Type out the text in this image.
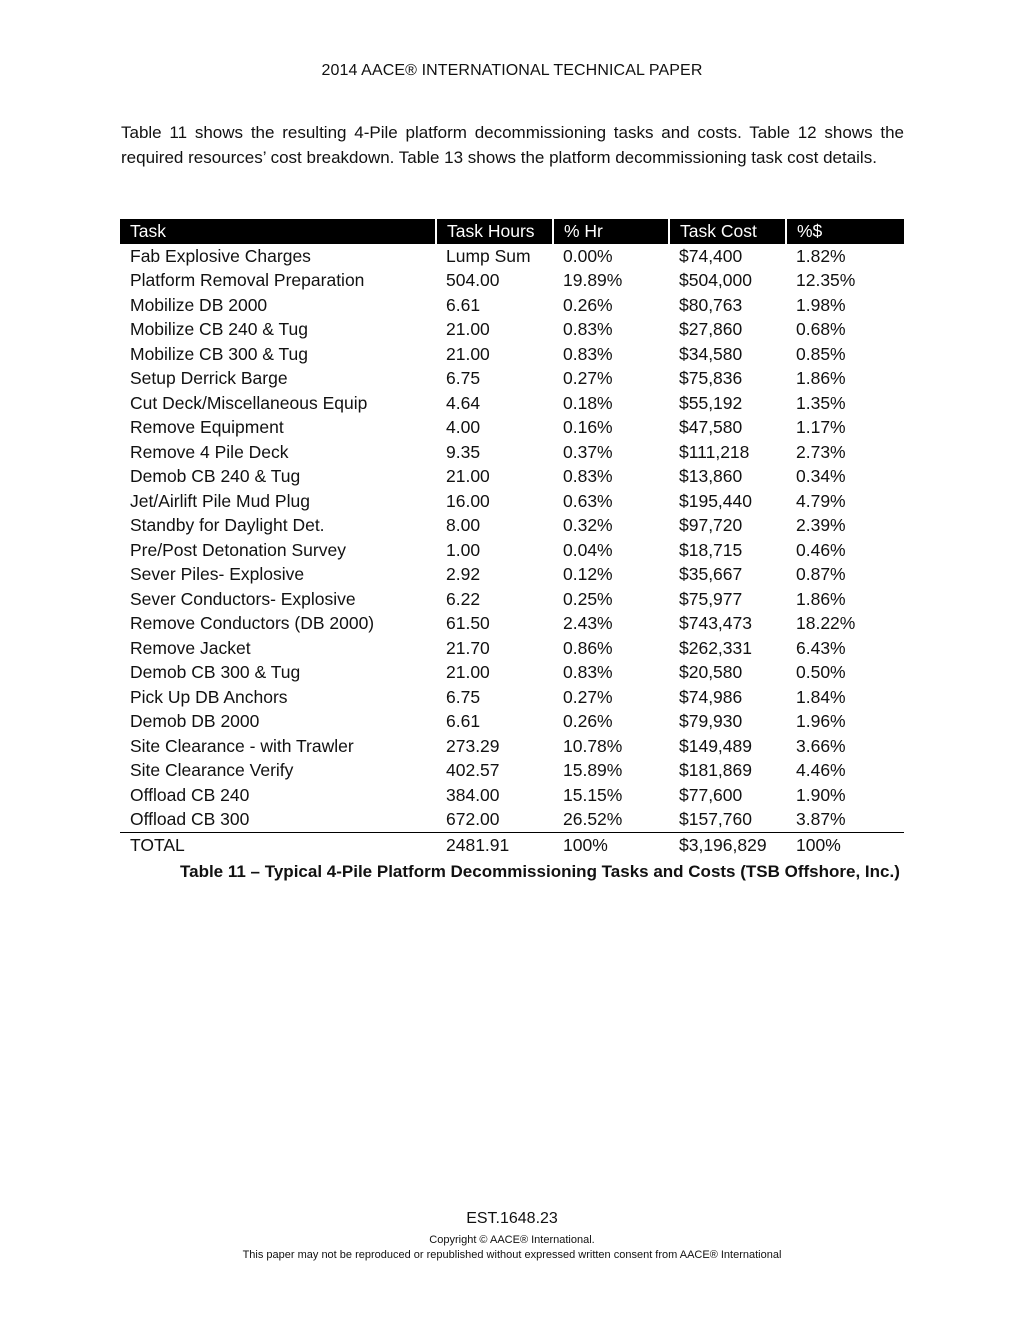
2014 AACE® INTERNATIONAL TECHNICAL PAPER

Table 11 shows the resulting 4-Pile platform decommissioning tasks and costs. Table 12 shows the required resources’ cost breakdown. Table 13 shows the platform decommissioning task cost details.

Task	Task Hours	% Hr	Task Cost	%$
Fab Explosive Charges	Lump Sum	0.00%	$74,400	1.82%
Platform Removal Preparation	504.00	19.89%	$504,000	12.35%
Mobilize DB 2000	6.61	0.26%	$80,763	1.98%
Mobilize CB 240 & Tug	21.00	0.83%	$27,860	0.68%
Mobilize CB 300 & Tug	21.00	0.83%	$34,580	0.85%
Setup Derrick Barge	6.75	0.27%	$75,836	1.86%
Cut Deck/Miscellaneous Equip	4.64	0.18%	$55,192	1.35%
Remove Equipment	4.00	0.16%	$47,580	1.17%
Remove 4 Pile Deck	9.35	0.37%	$111,218	2.73%
Demob CB 240 & Tug	21.00	0.83%	$13,860	0.34%
Jet/Airlift Pile Mud Plug	16.00	0.63%	$195,440	4.79%
Standby for Daylight Det.	8.00	0.32%	$97,720	2.39%
Pre/Post Detonation Survey	1.00	0.04%	$18,715	0.46%
Sever Piles- Explosive	2.92	0.12%	$35,667	0.87%
Sever Conductors- Explosive	6.22	0.25%	$75,977	1.86%
Remove Conductors (DB 2000)	61.50	2.43%	$743,473	18.22%
Remove Jacket	21.70	0.86%	$262,331	6.43%
Demob CB 300 & Tug	21.00	0.83%	$20,580	0.50%
Pick Up DB Anchors	6.75	0.27%	$74,986	1.84%
Demob DB 2000	6.61	0.26%	$79,930	1.96%
Site Clearance - with Trawler	273.29	10.78%	$149,489	3.66%
Site Clearance Verify	402.57	15.89%	$181,869	4.46%
Offload CB 240	384.00	15.15%	$77,600	1.90%
Offload CB 300	672.00	26.52%	$157,760	3.87%
TOTAL	2481.91	100%	$3,196,829	100%

Table 11 – Typical 4-Pile Platform Decommissioning Tasks and Costs (TSB Offshore, Inc.)

EST.1648.23
Copyright © AACE® International.
This paper may not be reproduced or republished without expressed written consent from AACE® International
